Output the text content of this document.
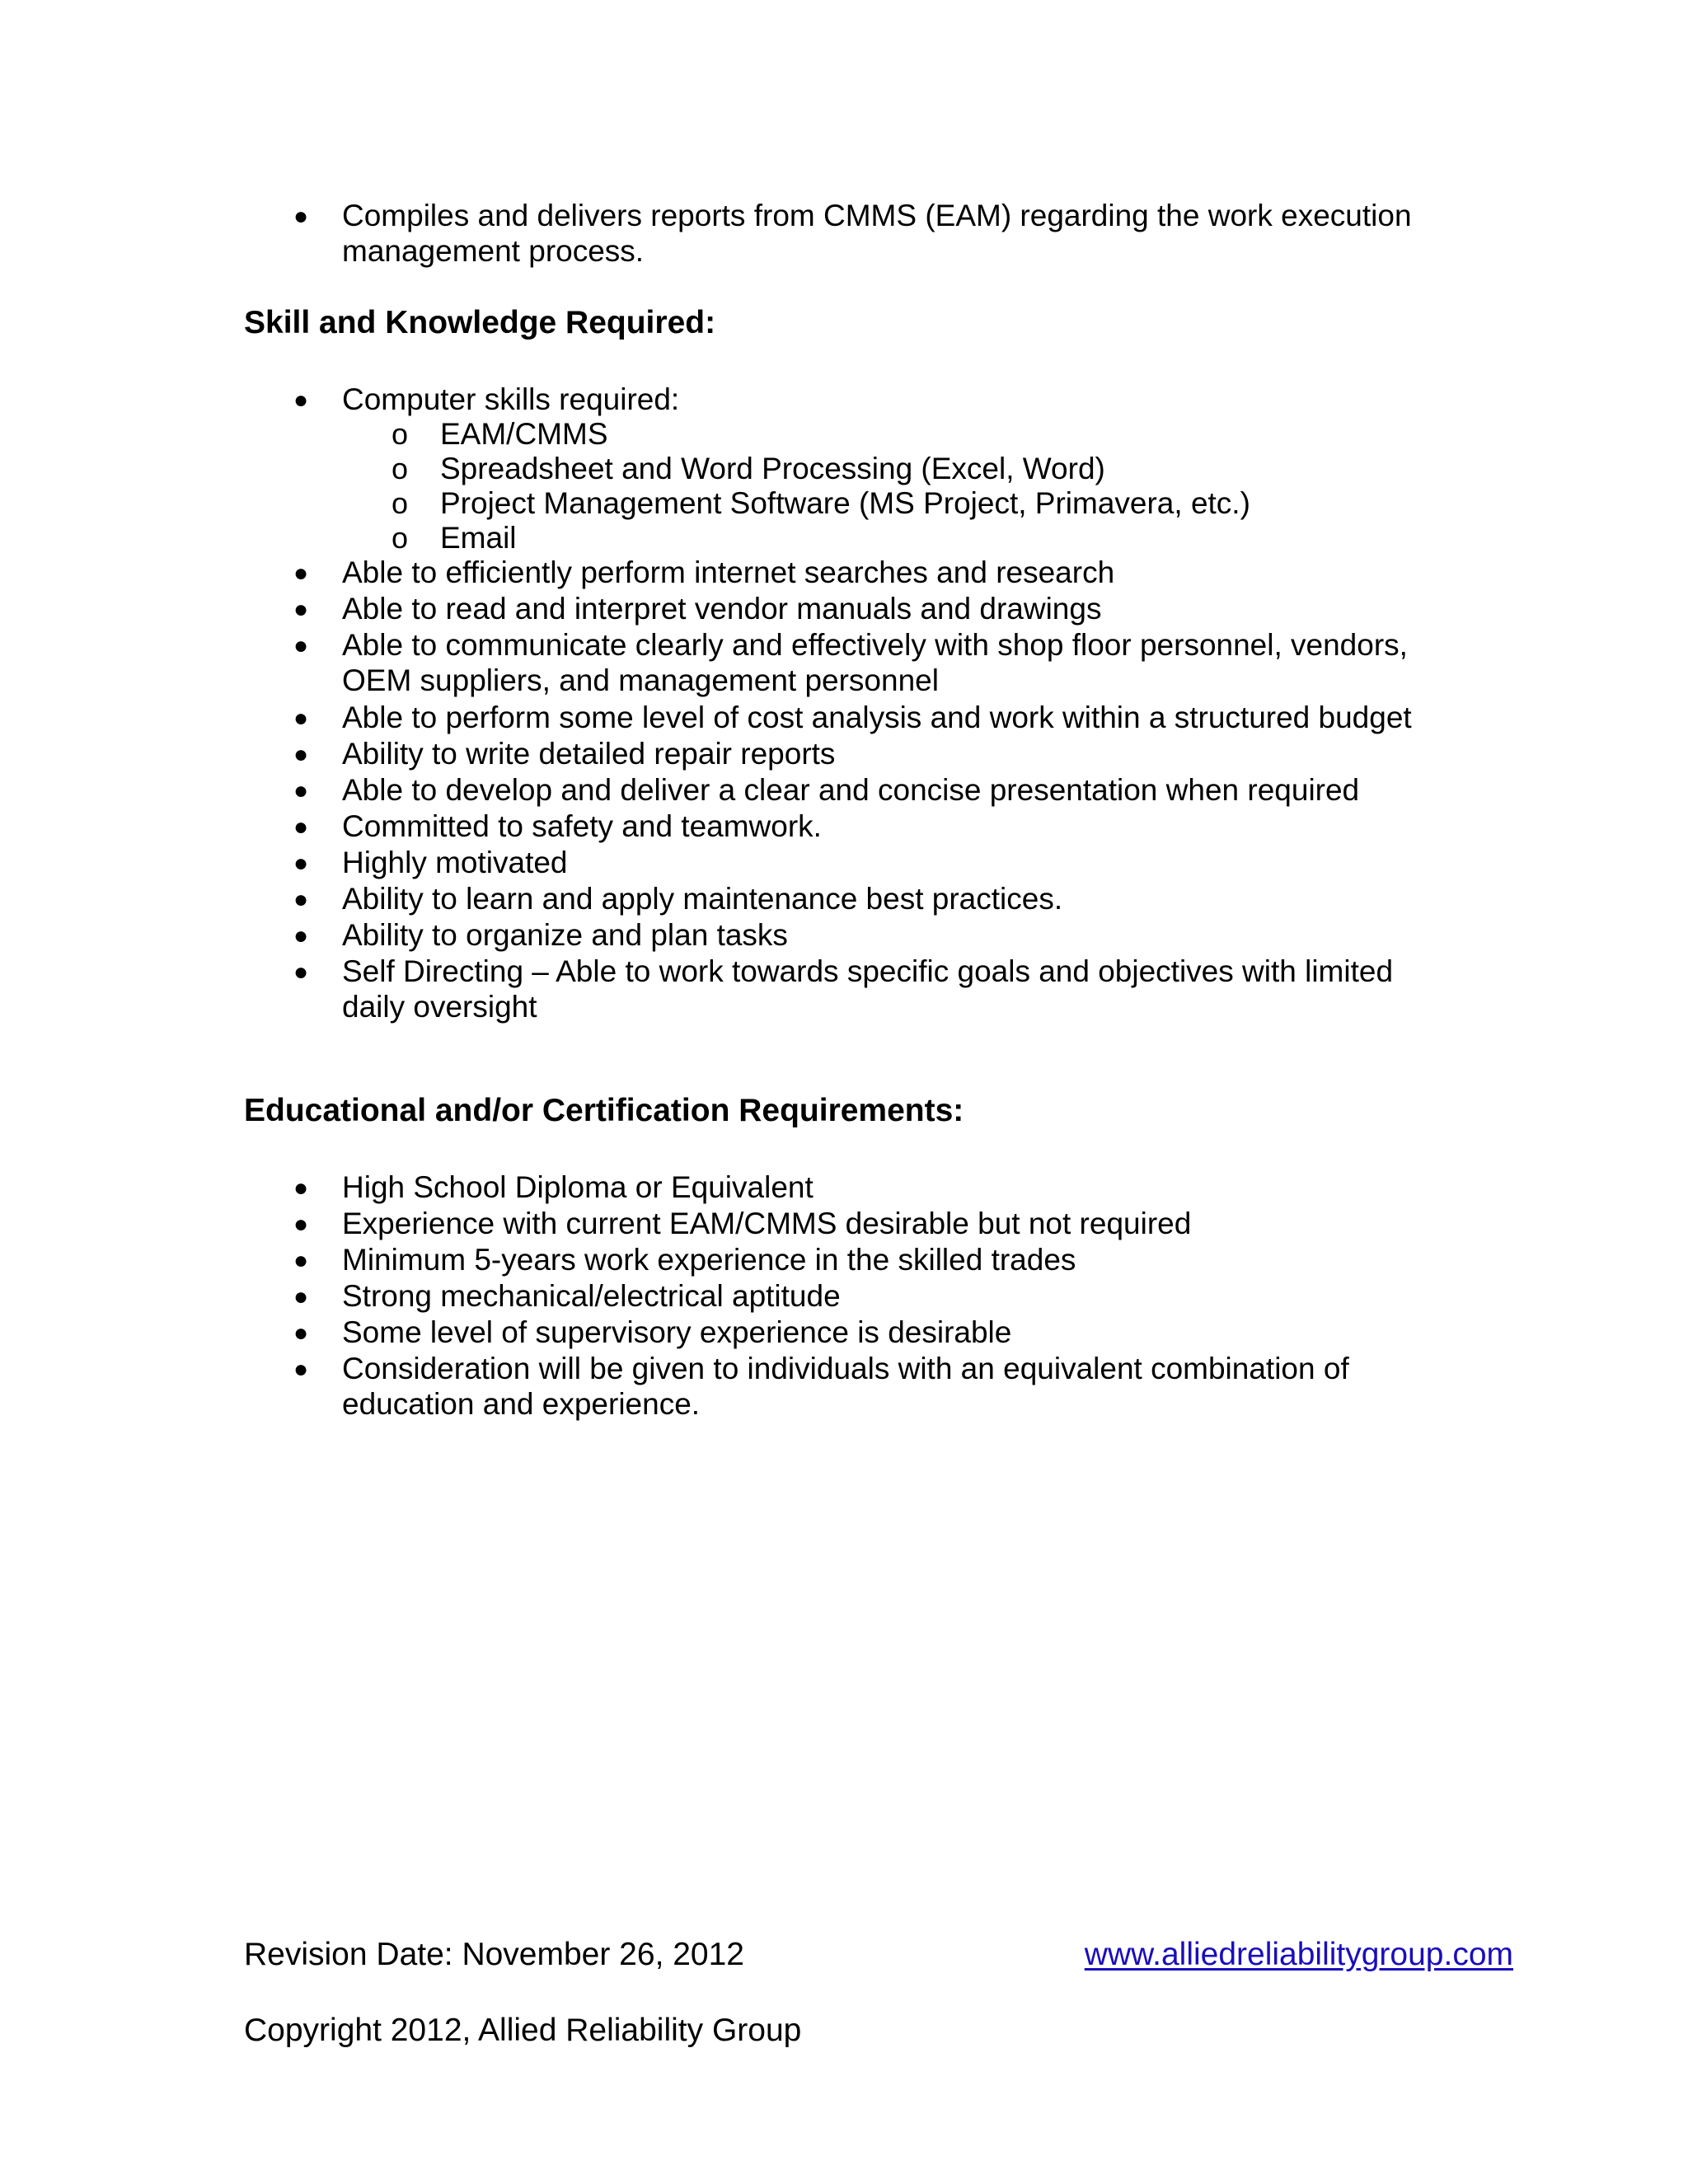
● Compiles and delivers reports from CMMS (EAM) regarding the work execution
management process.
Skill and Knowledge Required:
● Computer skills required:
o EAM/CMMS
o Spreadsheet and Word Processing (Excel, Word)
o Project Management Software (MS Project, Primavera, etc.)
o Email
● Able to efficiently perform internet searches and research
● Able to read and interpret vendor manuals and drawings
● Able to communicate clearly and effectively with shop floor personnel, vendors,
OEM suppliers, and management personnel
● Able to perform some level of cost analysis and work within a structured budget
● Ability to write detailed repair reports
● Able to develop and deliver a clear and concise presentation when required
● Committed to safety and teamwork.
● Highly motivated
● Ability to learn and apply maintenance best practices.
● Ability to organize and plan tasks
● Self Directing – Able to work towards specific goals and objectives with limited
daily oversight
Educational and/or Certification Requirements:
● High School Diploma or Equivalent
● Experience with current EAM/CMMS desirable but not required
● Minimum 5-years work experience in the skilled trades
● Strong mechanical/electrical aptitude
● Some level of supervisory experience is desirable
● Consideration will be given to individuals with an equivalent combination of
education and experience.
Revision Date: November 26, 2012	www.alliedreliabilitygroup.com
Copyright 2012, Allied Reliability Group
